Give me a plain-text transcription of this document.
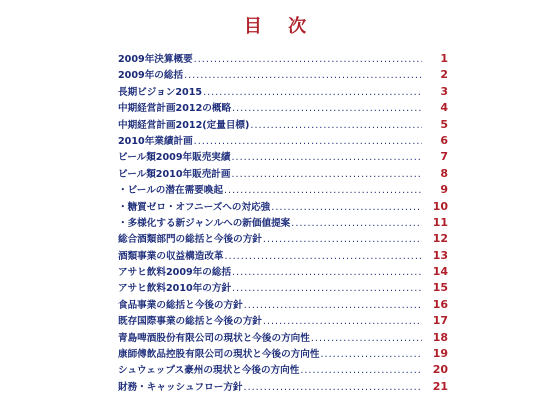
目 次
2009年決算概要 .....	1
2009年の総括 .....	2
長期ビジョン2015 .....	3
中期経営計画2012の概略 .....	4
中期経営計画2012(定量目標) .....	5
2010年業績計画 .....	6
ビール類2009年販売実績 .....	7
ビール類2010年販売計画 .....	8
・ビールの潜在需要喚起 .....	9
・糖質ゼロ・オフニーズへの対応強 .....	10
・多様化する新ジャンルへの新価値提案 .....	11
総合酒類部門の総括と今後の方針 .....	12
酒類事業の収益構造改革 .....	13
アサヒ飲料2009年の総括 .....	14
アサヒ飲料2010年の方針 .....	15
食品事業の総括と今後の方針 .....	16
既存国際事業の総括と今後の方針 .....	17
青島啤酒股份有限公司の現状と今後の方向性 .....	18
康師傅飲品控股有限公司の現状と今後の方向性 .....	19
シュウェップス豪州の現状と今後の方向性 .....	20
財務・キャッシュフロー方針 .....	21
